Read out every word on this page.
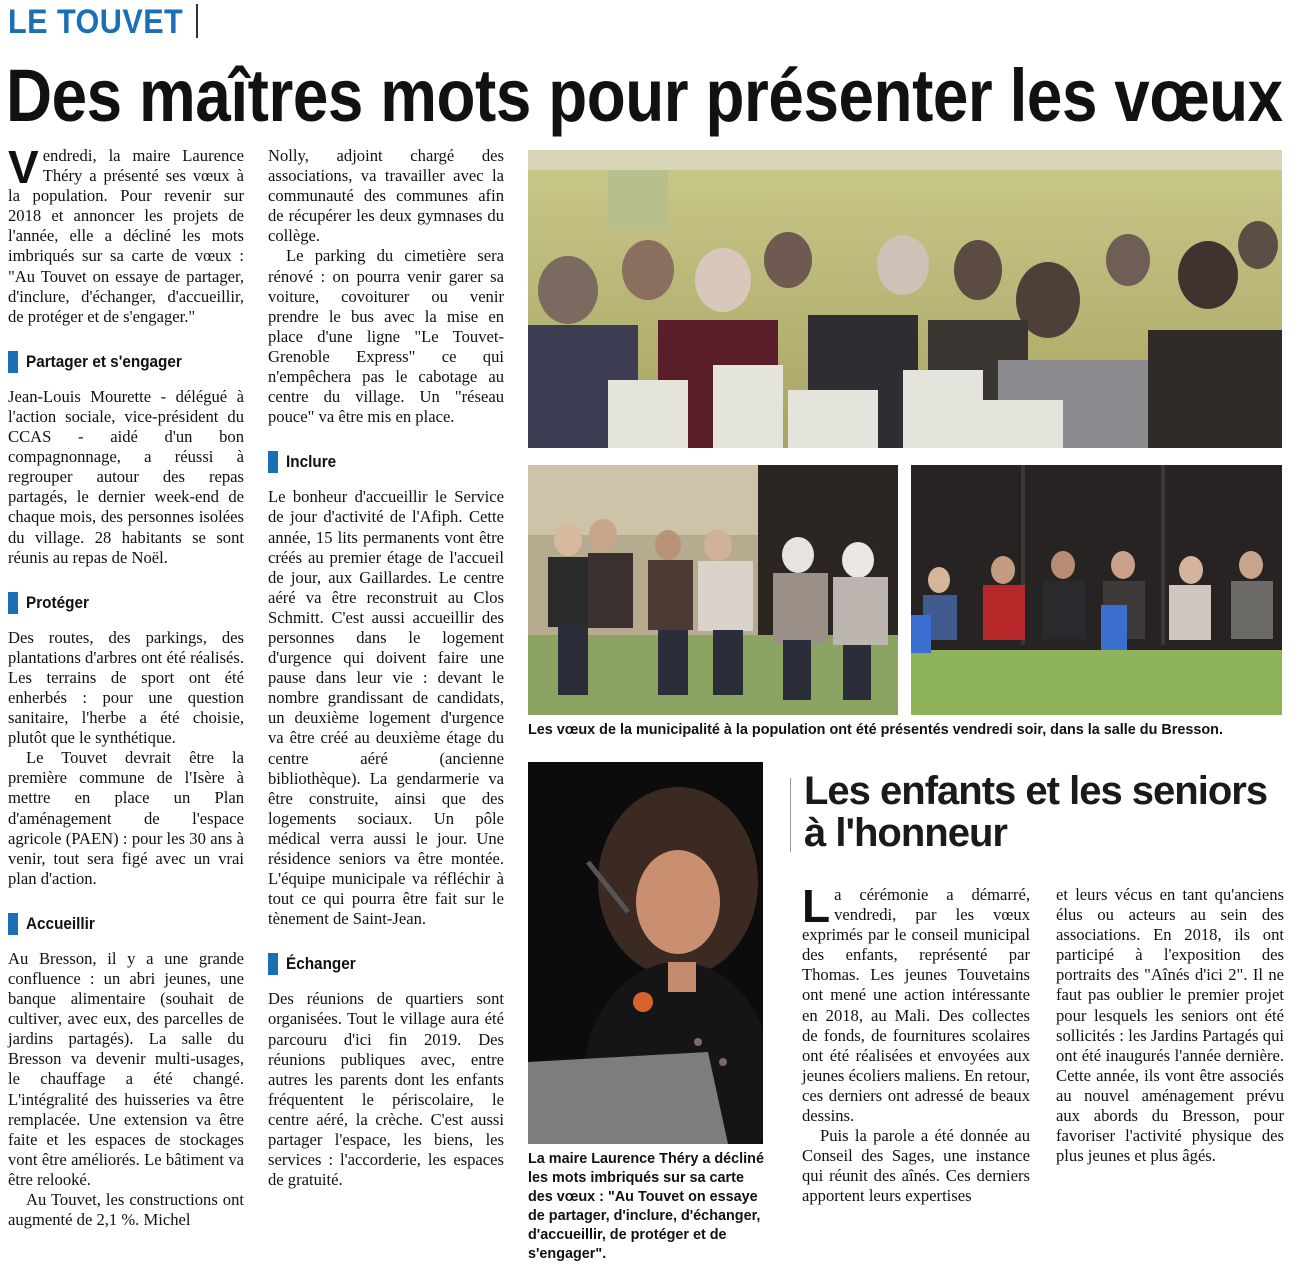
LE TOUVET
Des maîtres mots pour présenter les vœux

Vendredi, la maire Laurence Théry a présenté ses vœux à la population. Pour revenir sur 2018 et annoncer les projets de l'année, elle a décliné les mots imbriqués sur sa carte de vœux : "Au Touvet on essaye de partager, d'inclure, d'échanger, d'accueillir, de protéger et de s'engager."

Partager et s'engager

Jean-Louis Mourette - délégué à l'action sociale, vice-président du CCAS - aidé d'un bon compagnonnage, a réussi à regrouper autour des repas partagés, le dernier week-end de chaque mois, des personnes isolées du village. 28 habitants se sont réunis au repas de Noël.

Protéger

Des routes, des parkings, des plantations d'arbres ont été réalisés. Les terrains de sport ont été enherbés : pour une question sanitaire, l'herbe a été choisie, plutôt que le synthétique.

Le Touvet devrait être la première commune de l'Isère à mettre en place un Plan d'aménagement de l'espace agricole (PAEN) : pour les 30 ans à venir, tout sera figé avec un vrai plan d'action.

Accueillir

Au Bresson, il y a une grande confluence : un abri jeunes, une banque alimentaire (souhait de cultiver, avec eux, des parcelles de jardins partagés). La salle du Bresson va devenir multi-usages, le chauffage a été changé. L'intégralité des huisseries va être remplacée. Une extension va être faite et les espaces de stockages vont être améliorés. Le bâtiment va être relooké.

Au Touvet, les constructions ont augmenté de 2,1 %. Michel

Nolly, adjoint chargé des associations, va travailler avec la communauté des communes afin de récupérer les deux gymnases du collège.

Le parking du cimetière sera rénové : on pourra venir garer sa voiture, covoiturer ou venir prendre le bus avec la mise en place d'une ligne "Le Touvet-Grenoble Express" ce qui n'empêchera pas le cabotage au centre du village. Un "réseau pouce" va être mis en place.

Inclure

Le bonheur d'accueillir le Service de jour d'activité de l'Afiph. Cette année, 15 lits permanents vont être créés au premier étage de l'accueil de jour, aux Gaillardes. Le centre aéré va être reconstruit au Clos Schmitt. C'est aussi accueillir des personnes dans le logement d'urgence qui doivent faire une pause dans leur vie : devant le nombre grandissant de candidats, un deuxième logement d'urgence va être créé au deuxième étage du centre aéré (ancienne bibliothèque). La gendarmerie va être construite, ainsi que des logements sociaux. Un pôle médical verra aussi le jour. Une résidence seniors va être montée. L'équipe municipale va réfléchir à tout ce qui pourra être fait sur le tènement de Saint-Jean.

Échanger

Des réunions de quartiers sont organisées. Tout le village aura été parcouru d'ici fin 2019. Des réunions publiques avec, entre autres les parents dont les enfants fréquentent le périscolaire, le centre aéré, la crèche. C'est aussi partager l'espace, les biens, les services : l'accorderie, les espaces de gratuité.

Les vœux de la municipalité à la population ont été présentés vendredi soir, dans la salle du Bresson.
La maire Laurence Théry a décliné les mots imbriqués sur sa carte des vœux : "Au Touvet on essaye de partager, d'inclure, d'échanger, d'accueillir, de protéger et de s'engager".
Les enfants et les seniors à l'honneur

La cérémonie a démarré, vendredi, par les vœux exprimés par le conseil municipal des enfants, représenté par Thomas. Les jeunes Touvetains ont mené une action intéressante en 2018, au Mali. Des collectes de fonds, de fournitures scolaires ont été réalisées et envoyées aux jeunes écoliers maliens. En retour, ces derniers ont adressé de beaux dessins.

Puis la parole a été donnée au Conseil des Sages, une instance qui réunit des aînés. Ces derniers apportent leurs expertises

et leurs vécus en tant qu'anciens élus ou acteurs au sein des associations. En 2018, ils ont participé à l'exposition des portraits des "Aînés d'ici 2". Il ne faut pas oublier le premier projet pour lesquels les seniors ont été sollicités : les Jardins Partagés qui ont été inaugurés l'année dernière. Cette année, ils vont être associés au nouvel aménagement prévu aux abords du Bresson, pour favoriser l'activité physique des plus jeunes et plus âgés.
